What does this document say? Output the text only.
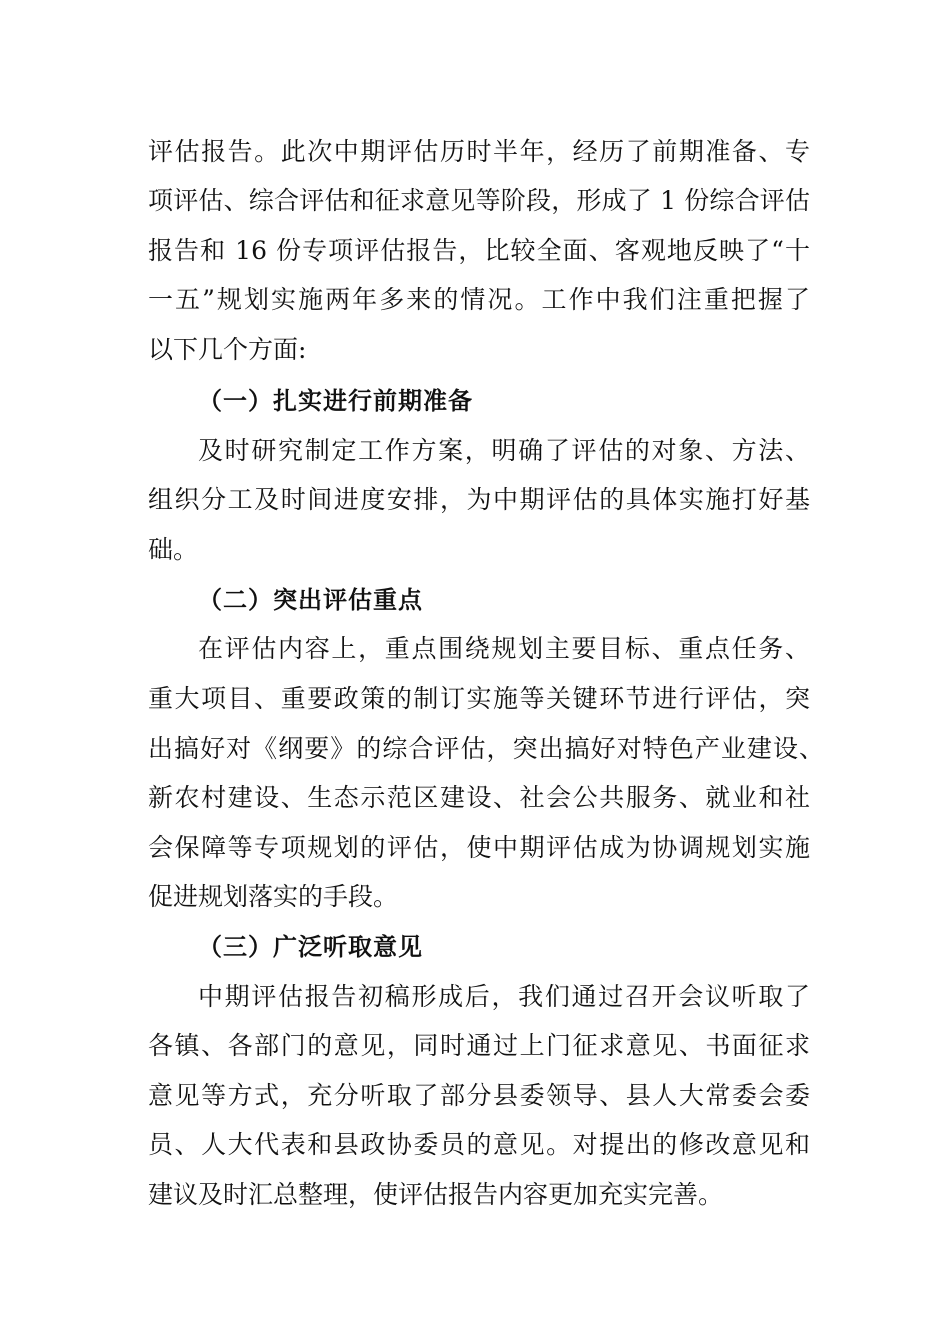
评估报告。此次中期评估历时半年，经历了前期准备、专
项评估、综合评估和征求意见等阶段，形成了 1 份综合评估
报告和 16 份专项评估报告，比较全面、客观地反映了“十
一五”规划实施两年多来的情况。工作中我们注重把握了
以下几个方面:
（一）扎实进行前期准备
及时研究制定工作方案，明确了评估的对象、方法、
组织分工及时间进度安排，为中期评估的具体实施打好基
础。
（二）突出评估重点
在评估内容上，重点围绕规划主要目标、重点任务、
重大项目、重要政策的制订实施等关键环节进行评估，突
出搞好对《纲要》的综合评估，突出搞好对特色产业建设、
新农村建设、生态示范区建设、社会公共服务、就业和社
会保障等专项规划的评估，使中期评估成为协调规划实施
促进规划落实的手段。
（三）广泛听取意见
中期评估报告初稿形成后，我们通过召开会议听取了
各镇、各部门的意见，同时通过上门征求意见、书面征求
意见等方式，充分听取了部分县委领导、县人大常委会委
员、人大代表和县政协委员的意见。对提出的修改意见和
建议及时汇总整理，使评估报告内容更加充实完善。
